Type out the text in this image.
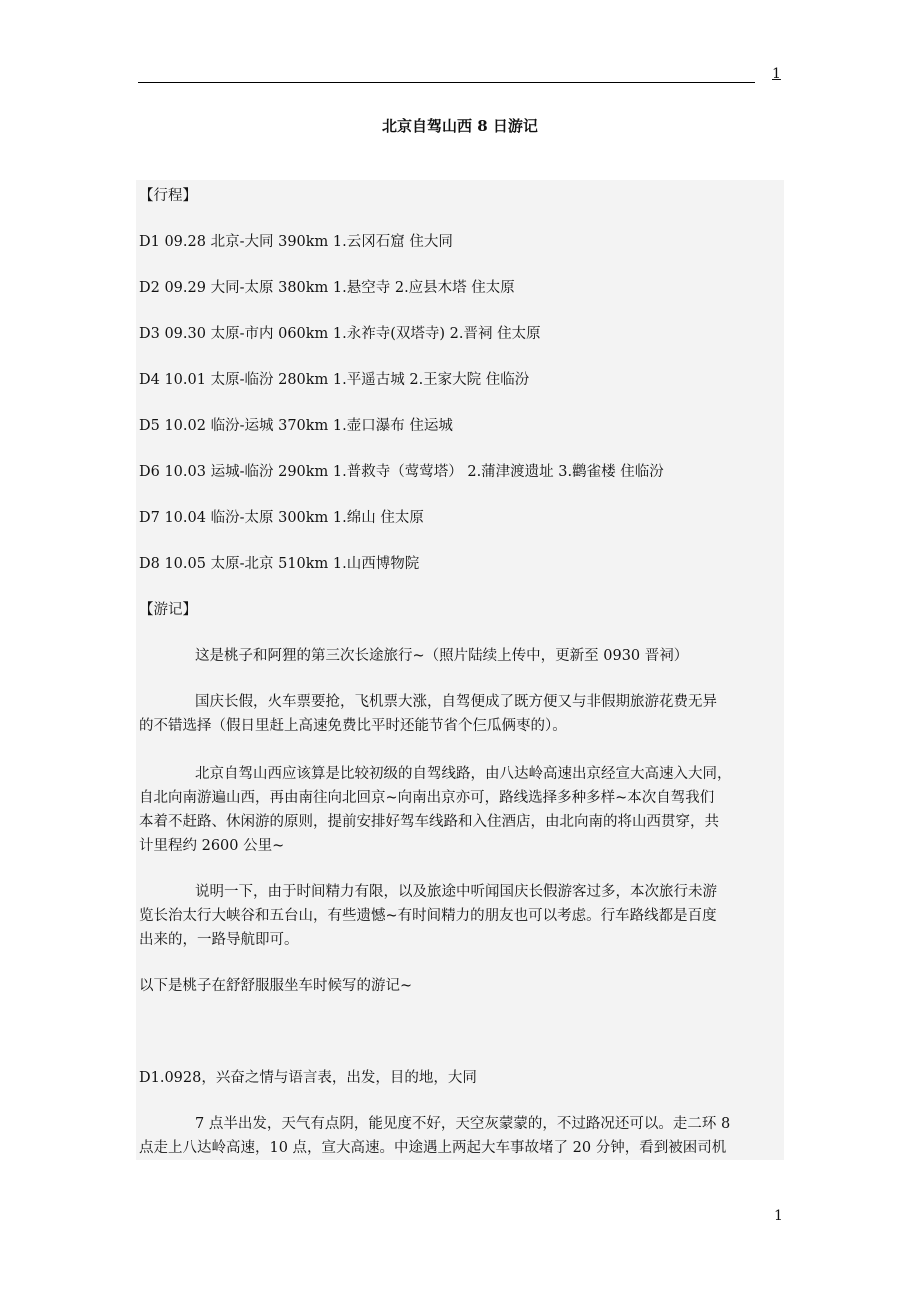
1
北京自驾山西 8 日游记
【行程】
D1 09.28 北京-大同 390km 1.云冈石窟 住大同
D2 09.29 大同-太原 380km 1.悬空寺 2.应县木塔 住太原
D3 09.30 太原-市内 060km 1.永祚寺(双塔寺) 2.晋祠 住太原
D4 10.01 太原-临汾 280km 1.平遥古城 2.王家大院 住临汾
D5 10.02 临汾-运城 370km 1.壶口瀑布 住运城
D6 10.03 运城-临汾 290km 1.普救寺（莺莺塔） 2.蒲津渡遗址 3.鹳雀楼 住临汾
D7 10.04 临汾-太原 300km 1.绵山 住太原
D8 10.05 太原-北京 510km 1.山西博物院
【游记】
这是桃子和阿狸的第三次长途旅行~（照片陆续上传中，更新至 0930 晋祠）
国庆长假，火车票要抢，飞机票大涨，自驾便成了既方便又与非假期旅游花费无异
的不错选择（假日里赶上高速免费比平时还能节省个仨瓜俩枣的）。
北京自驾山西应该算是比较初级的自驾线路，由八达岭高速出京经宣大高速入大同，
自北向南游遍山西，再由南往向北回京~向南出京亦可，路线选择多种多样~本次自驾我们
本着不赶路、休闲游的原则，提前安排好驾车线路和入住酒店，由北向南的将山西贯穿，共
计里程约 2600 公里~
说明一下，由于时间精力有限，以及旅途中听闻国庆长假游客过多，本次旅行未游
览长治太行大峡谷和五台山，有些遗憾~有时间精力的朋友也可以考虑。行车路线都是百度
出来的，一路导航即可。
以下是桃子在舒舒服服坐车时候写的游记~
D1.0928，兴奋之情与语言表，出发，目的地，大同
7 点半出发，天气有点阴，能见度不好，天空灰蒙蒙的，不过路况还可以。走二环 8
点走上八达岭高速，10 点，宣大高速。中途遇上两起大车事故堵了 20 分钟，看到被困司机
1
